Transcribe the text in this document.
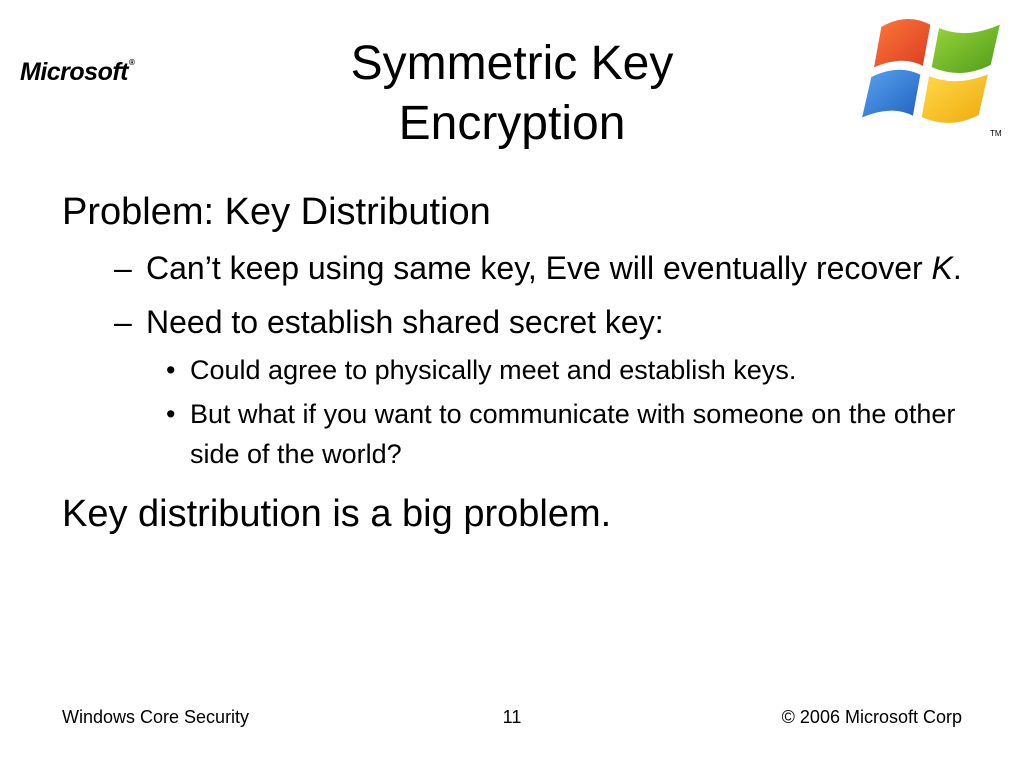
Microsoft®	Symmetric Key
Encryption	TM

Problem: Key Distribution

– Can’t keep using same key, Eve will eventually recover K.

– Need to establish shared secret key:

• Could agree to physically meet and establish keys.

• But what if you want to communicate with someone on the other side of the world?

Key distribution is a big problem.

Windows Core Security	11	© 2006 Microsoft Corp
